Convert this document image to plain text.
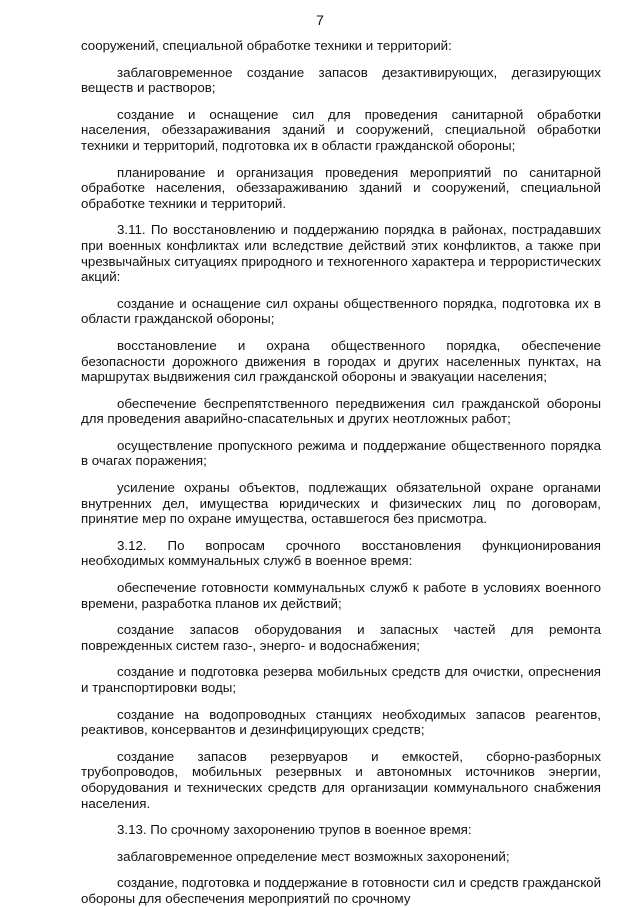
7

сооружений, специальной обработке техники и территорий:

заблаговременное создание запасов дезактивирующих, дегазирующих веществ и растворов;

создание и оснащение сил для проведения санитарной обработки населения, обеззараживания зданий и сооружений, специальной обработки техники и территорий, подготовка их в области гражданской обороны;

планирование и организация проведения мероприятий по санитарной обработке населения, обеззараживанию зданий и сооружений, специальной обработке техники и территорий.

3.11. По восстановлению и поддержанию порядка в районах, пострадавших при военных конфликтах или вследствие действий этих конфликтов, а также при чрезвычайных ситуациях природного и техногенного характера и террористических акций:

создание и оснащение сил охраны общественного порядка, подготовка их в области гражданской обороны;

восстановление и охрана общественного порядка, обеспечение безопасности дорожного движения в городах и других населенных пунктах, на маршрутах выдвижения сил гражданской обороны и эвакуации населения;

обеспечение беспрепятственного передвижения сил гражданской обороны для проведения аварийно-спасательных и других неотложных работ;

осуществление пропускного режима и поддержание общественного порядка в очагах поражения;

усиление охраны объектов, подлежащих обязательной охране органами внутренних дел, имущества юридических и физических лиц по договорам, принятие мер по охране имущества, оставшегося без присмотра.

3.12. По вопросам срочного восстановления функционирования необходимых коммунальных служб в военное время:

обеспечение готовности коммунальных служб к работе в условиях военного времени, разработка планов их действий;

создание запасов оборудования и запасных частей для ремонта поврежденных систем газо-, энерго- и водоснабжения;

создание и подготовка резерва мобильных средств для очистки, опреснения и транспортировки воды;

создание на водопроводных станциях необходимых запасов реагентов, реактивов, консервантов и дезинфицирующих средств;

создание запасов резервуаров и емкостей, сборно-разборных трубопроводов, мобильных резервных и автономных источников энергии, оборудования и технических средств для организации коммунального снабжения населения.

3.13. По срочному захоронению трупов в военное время:

заблаговременное определение мест возможных захоронений;

создание, подготовка и поддержание в готовности сил и средств гражданской обороны для обеспечения мероприятий по срочному
